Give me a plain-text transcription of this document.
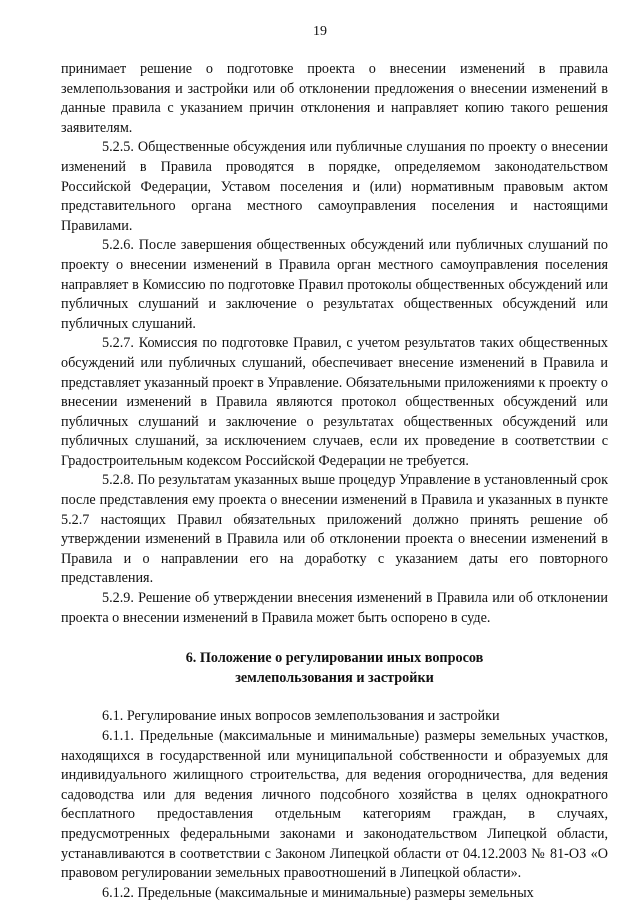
19

принимает решение о подготовке проекта о внесении изменений в правила землепользования и застройки или об отклонении предложения о внесении изменений в данные правила с указанием причин отклонения и направляет копию такого решения заявителям.

5.2.5. Общественные обсуждения или публичные слушания по проекту о внесении изменений в Правила проводятся в порядке, определяемом законодательством Российской Федерации, Уставом поселения и (или) нормативным правовым актом представительного органа местного самоуправления поселения и настоящими Правилами.

5.2.6. После завершения общественных обсуждений или публичных слушаний по проекту о внесении изменений в Правила орган местного самоуправления поселения направляет в Комиссию по подготовке Правил протоколы общественных обсуждений или публичных слушаний и заключение о результатах общественных обсуждений или публичных слушаний.

5.2.7. Комиссия по подготовке Правил, с учетом результатов таких общественных обсуждений или публичных слушаний, обеспечивает внесение изменений в Правила и представляет указанный проект в Управление. Обязательными приложениями к проекту о внесении изменений в Правила являются протокол общественных обсуждений или публичных слушаний и заключение о результатах общественных обсуждений или публичных слушаний, за исключением случаев, если их проведение в соответствии с Градостроительным кодексом Российской Федерации не требуется.

5.2.8. По результатам указанных выше процедур Управление в установленный срок после представления ему проекта о внесении изменений в Правила и указанных в пункте 5.2.7 настоящих Правил обязательных приложений должно принять решение об утверждении изменений в Правила или об отклонении проекта о внесении изменений в Правила и о направлении его на доработку с указанием даты его повторного представления.

5.2.9. Решение об утверждении внесения изменений в Правила или об отклонении проекта о внесении изменений в Правила может быть оспорено в суде.

6. Положение о регулировании иных вопросов
землепользования и застройки

6.1. Регулирование иных вопросов землепользования и застройки

6.1.1. Предельные (максимальные и минимальные) размеры земельных участков, находящихся в государственной или муниципальной собственности и образуемых для индивидуального жилищного строительства, для ведения огородничества, для ведения садоводства или для ведения личного подсобного хозяйства в целях однократного бесплатного предоставления отдельным категориям граждан, в случаях, предусмотренных федеральными законами и законодательством Липецкой области, устанавливаются в соответствии с Законом Липецкой области от 04.12.2003 № 81-ОЗ «О правовом регулировании земельных правоотношений в Липецкой области».

6.1.2. Предельные (максимальные и минимальные) размеры земельных
